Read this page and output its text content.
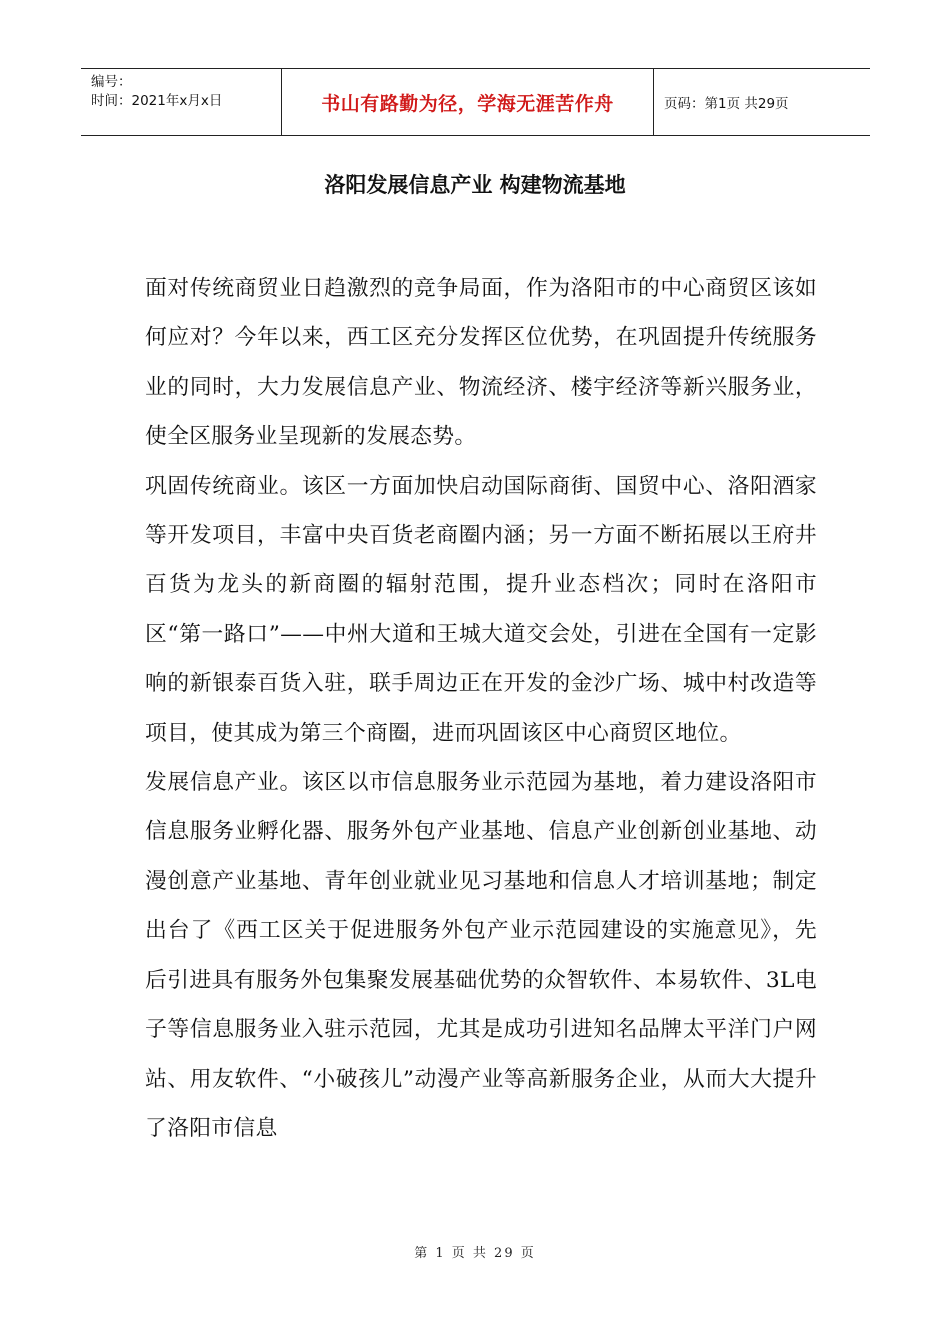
编号：
时间：2021年x月x日	书山有路勤为径，学海无涯苦作舟	页码：第1页 共29页
洛阳发展信息产业 构建物流基地

面对传统商贸业日趋激烈的竞争局面，作为洛阳市的中心商贸区该如何应对？今年以来，西工区充分发挥区位优势，在巩固提升传统服务业的同时，大力发展信息产业、物流经济、楼宇经济等新兴服务业，使全区服务业呈现新的发展态势。

巩固传统商业。该区一方面加快启动国际商街、国贸中心、洛阳酒家等开发项目，丰富中央百货老商圈内涵；另一方面不断拓展以王府井百货为龙头的新商圈的辐射范围，提升业态档次；同时在洛阳市区“第一路口”——中州大道和王城大道交会处，引进在全国有一定影响的新银泰百货入驻，联手周边正在开发的金沙广场、城中村改造等项目，使其成为第三个商圈，进而巩固该区中心商贸区地位。

发展信息产业。该区以市信息服务业示范园为基地，着力建设洛阳市信息服务业孵化器、服务外包产业基地、信息产业创新创业基地、动漫创意产业基地、青年创业就业见习基地和信息人才培训基地；制定出台了《西工区关于促进服务外包产业示范园建设的实施意见》，先后引进具有服务外包集聚发展基础优势的众智软件、本易软件、3L电子等信息服务业入驻示范园，尤其是成功引进知名品牌太平洋门户网站、用友软件、“小破孩儿”动漫产业等高新服务企业，从而大大提升了洛阳市信息

第 1 页 共 29 页
